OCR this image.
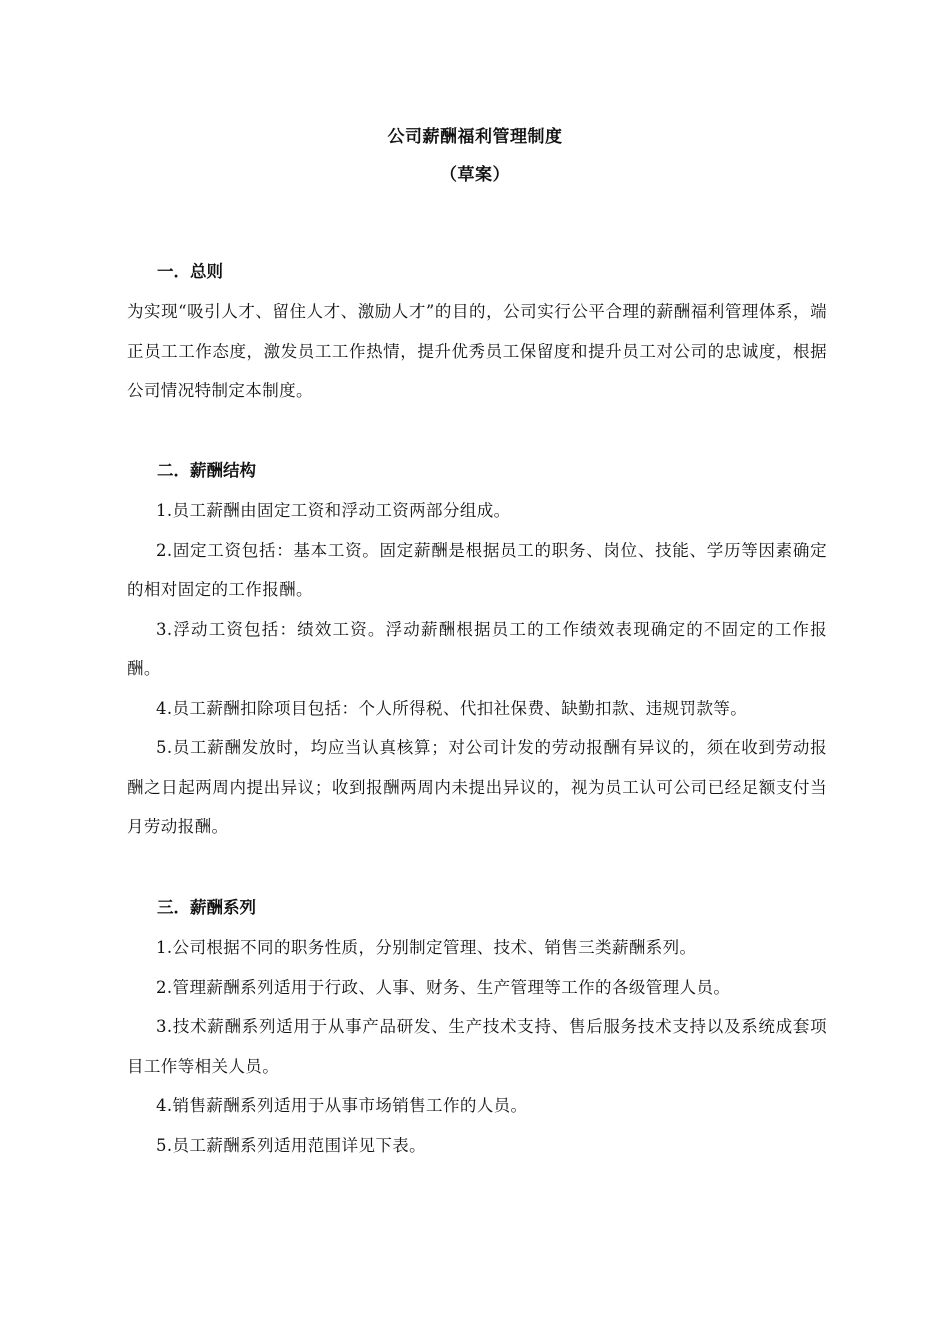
公司薪酬福利管理制度
（草案）
一．总则

为实现“吸引人才、留住人才、激励人才”的目的，公司实行公平合理的薪酬福利管理体系，端正员工工作态度，激发员工工作热情，提升优秀员工保留度和提升员工对公司的忠诚度，根据公司情况特制定本制度。

二．薪酬结构

1.员工薪酬由固定工资和浮动工资两部分组成。

2.固定工资包括：基本工资。固定薪酬是根据员工的职务、岗位、技能、学历等因素确定的相对固定的工作报酬。

3.浮动工资包括：绩效工资。浮动薪酬根据员工的工作绩效表现确定的不固定的工作报酬。

4.员工薪酬扣除项目包括：个人所得税、代扣社保费、缺勤扣款、违规罚款等。

5.员工薪酬发放时，均应当认真核算；对公司计发的劳动报酬有异议的，须在收到劳动报酬之日起两周内提出异议；收到报酬两周内未提出异议的，视为员工认可公司已经足额支付当月劳动报酬。

三．薪酬系列

1.公司根据不同的职务性质，分别制定管理、技术、销售三类薪酬系列。

2.管理薪酬系列适用于行政、人事、财务、生产管理等工作的各级管理人员。

3.技术薪酬系列适用于从事产品研发、生产技术支持、售后服务技术支持以及系统成套项目工作等相关人员。

4.销售薪酬系列适用于从事市场销售工作的人员。

5.员工薪酬系列适用范围详见下表。
